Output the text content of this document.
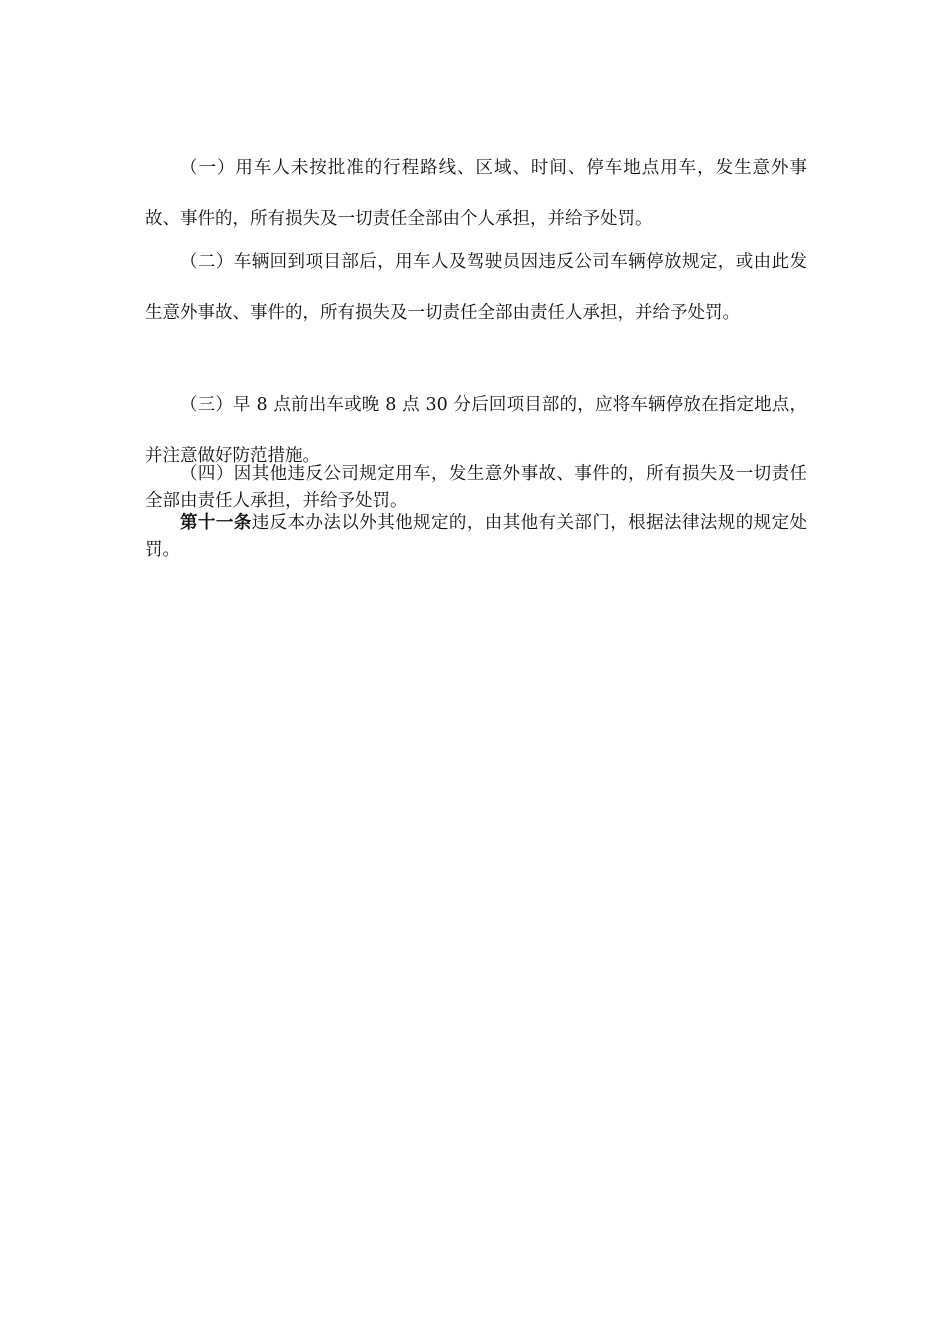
（一）用车人未按批准的行程路线、区域、时间、停车地点用车，发生意外事故、事件的，所有损失及一切责任全部由个人承担，并给予处罚。

（二）车辆回到项目部后，用车人及驾驶员因违反公司车辆停放规定，或由此发生意外事故、事件的，所有损失及一切责任全部由责任人承担，并给予处罚。

（三）早 8 点前出车或晚 8 点 30 分后回项目部的，应将车辆停放在指定地点，并注意做好防范措施。

（四）因其他违反公司规定用车，发生意外事故、事件的，所有损失及一切责任全部由责任人承担，并给予处罚。

第十一条违反本办法以外其他规定的，由其他有关部门，根据法律法规的规定处罚。
